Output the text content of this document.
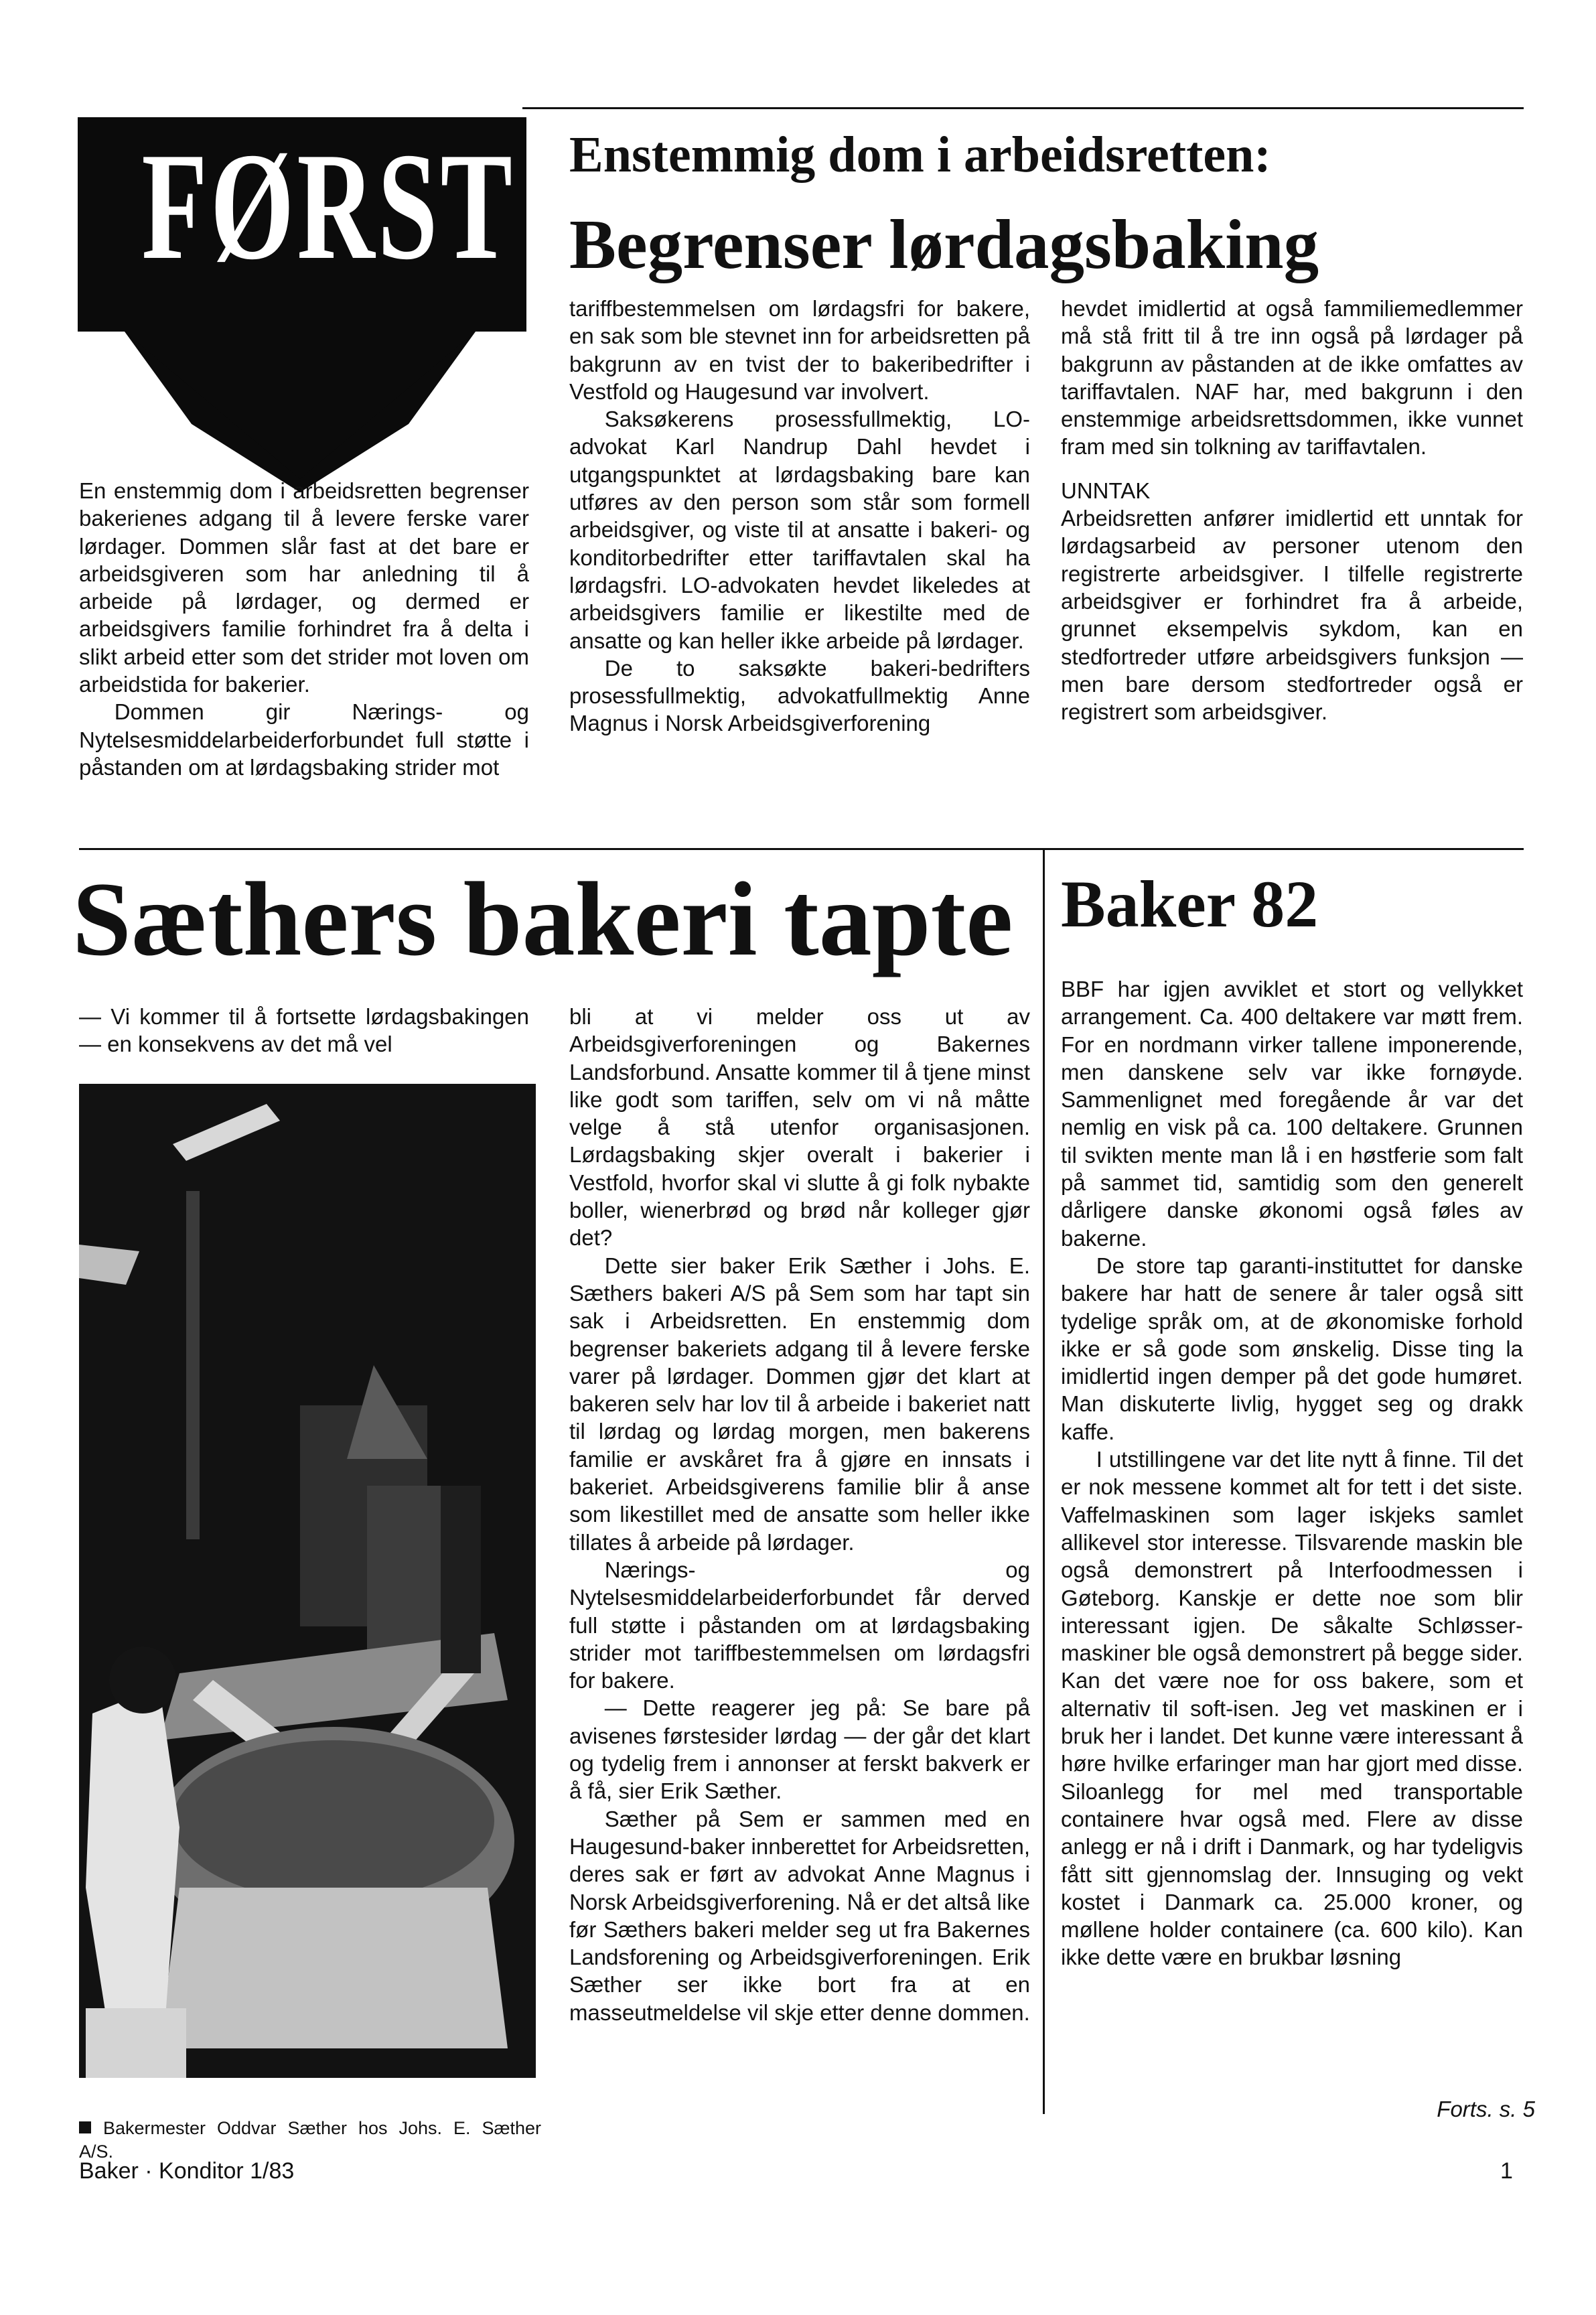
FØRST Enstemmig dom i arbeidsretten:
Begrenser lørdagsbaking

En enstemmig dom i arbeidsretten begrenser bakerienes adgang til å levere ferske varer lørdager. Dommen slår fast at det bare er arbeidsgiveren som har anledning til å arbeide på lørdager, og dermed er arbeidsgivers familie forhindret fra å delta i slikt arbeid etter som det strider mot loven om arbeidstida for bakerier.

Dommen gir Nærings- og Nytelsesmiddelarbeiderforbundet full støtte i påstanden om at lørdagsbaking strider mot

tariffbestemmelsen om lørdagsfri for bakere, en sak som ble stevnet inn for arbeidsretten på bakgrunn av en tvist der to bakeribedrifter i Vestfold og Haugesund var involvert.

Saksøkerens prosessfullmektig, LO-advokat Karl Nandrup Dahl hevdet i utgangspunktet at lørdagsbaking bare kan utføres av den person som står som formell arbeidsgiver, og viste til at ansatte i bakeri- og konditorbedrifter etter tariffavtalen skal ha lørdagsfri. LO-advokaten hevdet likeledes at arbeidsgivers familie er likestilte med de ansatte og kan heller ikke arbeide på lørdager.

De to saksøkte bakeri-bedrifters prosessfullmektig, advokatfullmektig Anne Magnus i Norsk Arbeidsgiverforening

hevdet imidlertid at også fammiliemedlemmer må stå fritt til å tre inn også på lørdager på bakgrunn av påstanden at de ikke omfattes av tariffavtalen. NAF har, med bakgrunn i den enstemmige arbeidsrettsdommen, ikke vunnet fram med sin tolkning av tariffavtalen.

UNNTAK

Arbeidsretten anfører imidlertid ett unntak for lørdagsarbeid av personer utenom den registrerte arbeidsgiver. I tilfelle registrerte arbeidsgiver er forhindret fra å arbeide, grunnet eksempelvis sykdom, kan en stedfortreder utføre arbeidsgivers funksjon — men bare dersom stedfortreder også er registrert som arbeidsgiver.

Sæthers bakeri tapte
— Vi kommer til å fortsette lørdagsbakingen — en konsekvens av det må vel
Bakermester Oddvar Sæther hos Johs. E. Sæther A/S.

bli at vi melder oss ut av Arbeidsgiverforeningen og Bakernes Landsforbund. Ansatte kommer til å tjene minst like godt som tariffen, selv om vi nå måtte velge å stå utenfor organisasjonen. Lørdagsbaking skjer overalt i bakerier i Vestfold, hvorfor skal vi slutte å gi folk nybakte boller, wienerbrød og brød når kolleger gjør det?

Dette sier baker Erik Sæther i Johs. E. Sæthers bakeri A/S på Sem som har tapt sin sak i Arbeidsretten. En enstemmig dom begrenser bakeriets adgang til å levere ferske varer på lørdager. Dommen gjør det klart at bakeren selv har lov til å arbeide i bakeriet natt til lørdag og lørdag morgen, men bakerens familie er avskåret fra å gjøre en innsats i bakeriet. Arbeidsgiverens familie blir å anse som likestillet med de ansatte som heller ikke tillates å arbeide på lørdager.

Nærings- og Nytelsesmiddelarbeiderforbundet får derved full støtte i påstanden om at lørdagsbaking strider mot tariffbestemmelsen om lørdagsfri for bakere.

— Dette reagerer jeg på: Se bare på avisenes førstesider lørdag — der går det klart og tydelig frem i annonser at ferskt bakverk er å få, sier Erik Sæther.

Sæther på Sem er sammen med en Haugesund-baker innberettet for Arbeidsretten, deres sak er ført av advokat Anne Magnus i Norsk Arbeidsgiverforening. Nå er det altså like før Sæthers bakeri melder seg ut fra Bakernes Landsforening og Arbeidsgiverforeningen. Erik Sæther ser ikke bort fra at en masseutmeldelse vil skje etter denne dommen.

Baker 82

BBF har igjen avviklet et stort og vellykket arrangement. Ca. 400 deltakere var møtt frem. For en nordmann virker tallene imponerende, men danskene selv var ikke fornøyde. Sammenlignet med foregående år var det nemlig en visk på ca. 100 deltakere. Grunnen til svikten mente man lå i en høstferie som falt på sammet tid, samtidig som den generelt dårligere danske økonomi også føles av bakerne.

De store tap garanti-instituttet for danske bakere har hatt de senere år taler også sitt tydelige språk om, at de økonomiske forhold ikke er så gode som ønskelig. Disse ting la imidlertid ingen demper på det gode humøret. Man diskuterte livlig, hygget seg og drakk kaffe.

I utstillingene var det lite nytt å finne. Til det er nok messene kommet alt for tett i det siste. Vaffelmaskinen som lager iskjeks samlet allikevel stor interesse. Tilsvarende maskin ble også demonstrert på Interfoodmessen i Gøteborg. Kanskje er dette noe som blir interessant igjen. De såkalte Schløsser-maskiner ble også demonstrert på begge sider. Kan det være noe for oss bakere, som et alternativ til soft-isen. Jeg vet maskinen er i bruk her i landet. Det kunne være interessant å høre hvilke erfaringer man har gjort med disse. Siloanlegg for mel med transportable containere hvar også med. Flere av disse anlegg er nå i drift i Danmark, og har tydeligvis fått sitt gjennomslag der. Innsuging og vekt kostet i Danmark ca. 25.000 kroner, og møllene holder containere (ca. 600 kilo). Kan ikke dette være en brukbar løsning

Forts. s. 5
Baker · Konditor 1/83	1
